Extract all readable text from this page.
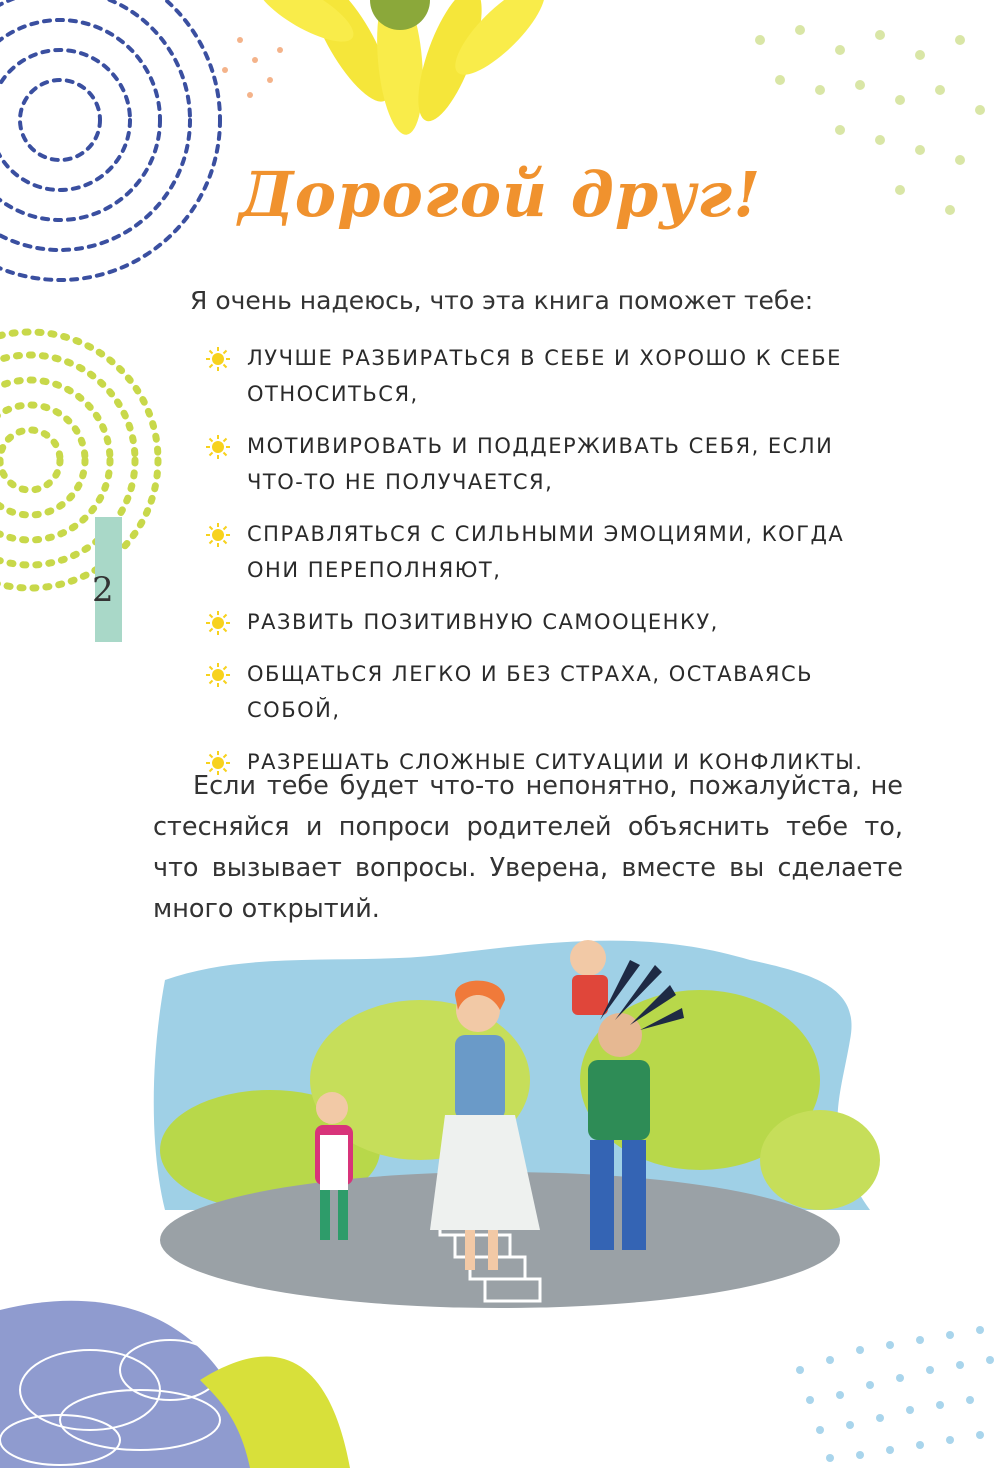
Дорогой друг!
Я очень надеюсь, что эта книга поможет тебе:
ЛУЧШЕ РАЗБИРАТЬСЯ В СЕБЕ И ХОРОШО К СЕБЕ ОТНОСИТЬСЯ,
МОТИВИРОВАТЬ И ПОДДЕРЖИВАТЬ СЕБЯ, ЕСЛИ ЧТО-ТО НЕ ПОЛУЧАЕТСЯ,
СПРАВЛЯТЬСЯ С СИЛЬНЫМИ ЭМОЦИЯМИ, КОГДА ОНИ ПЕРЕПОЛНЯЮТ,
РАЗВИТЬ ПОЗИТИВНУЮ САМООЦЕНКУ,
ОБЩАТЬСЯ ЛЕГКО И БЕЗ СТРАХА, ОСТАВАЯСЬ СОБОЙ,
РАЗРЕШАТЬ СЛОЖНЫЕ СИТУАЦИИ И КОНФЛИКТЫ.
Если тебе будет что-то непонятно, пожалуйста, не стесняйся и попроси родителей объяснить тебе то, что вызывает вопросы. Уверена, вместе вы сделаете много открытий.
2
